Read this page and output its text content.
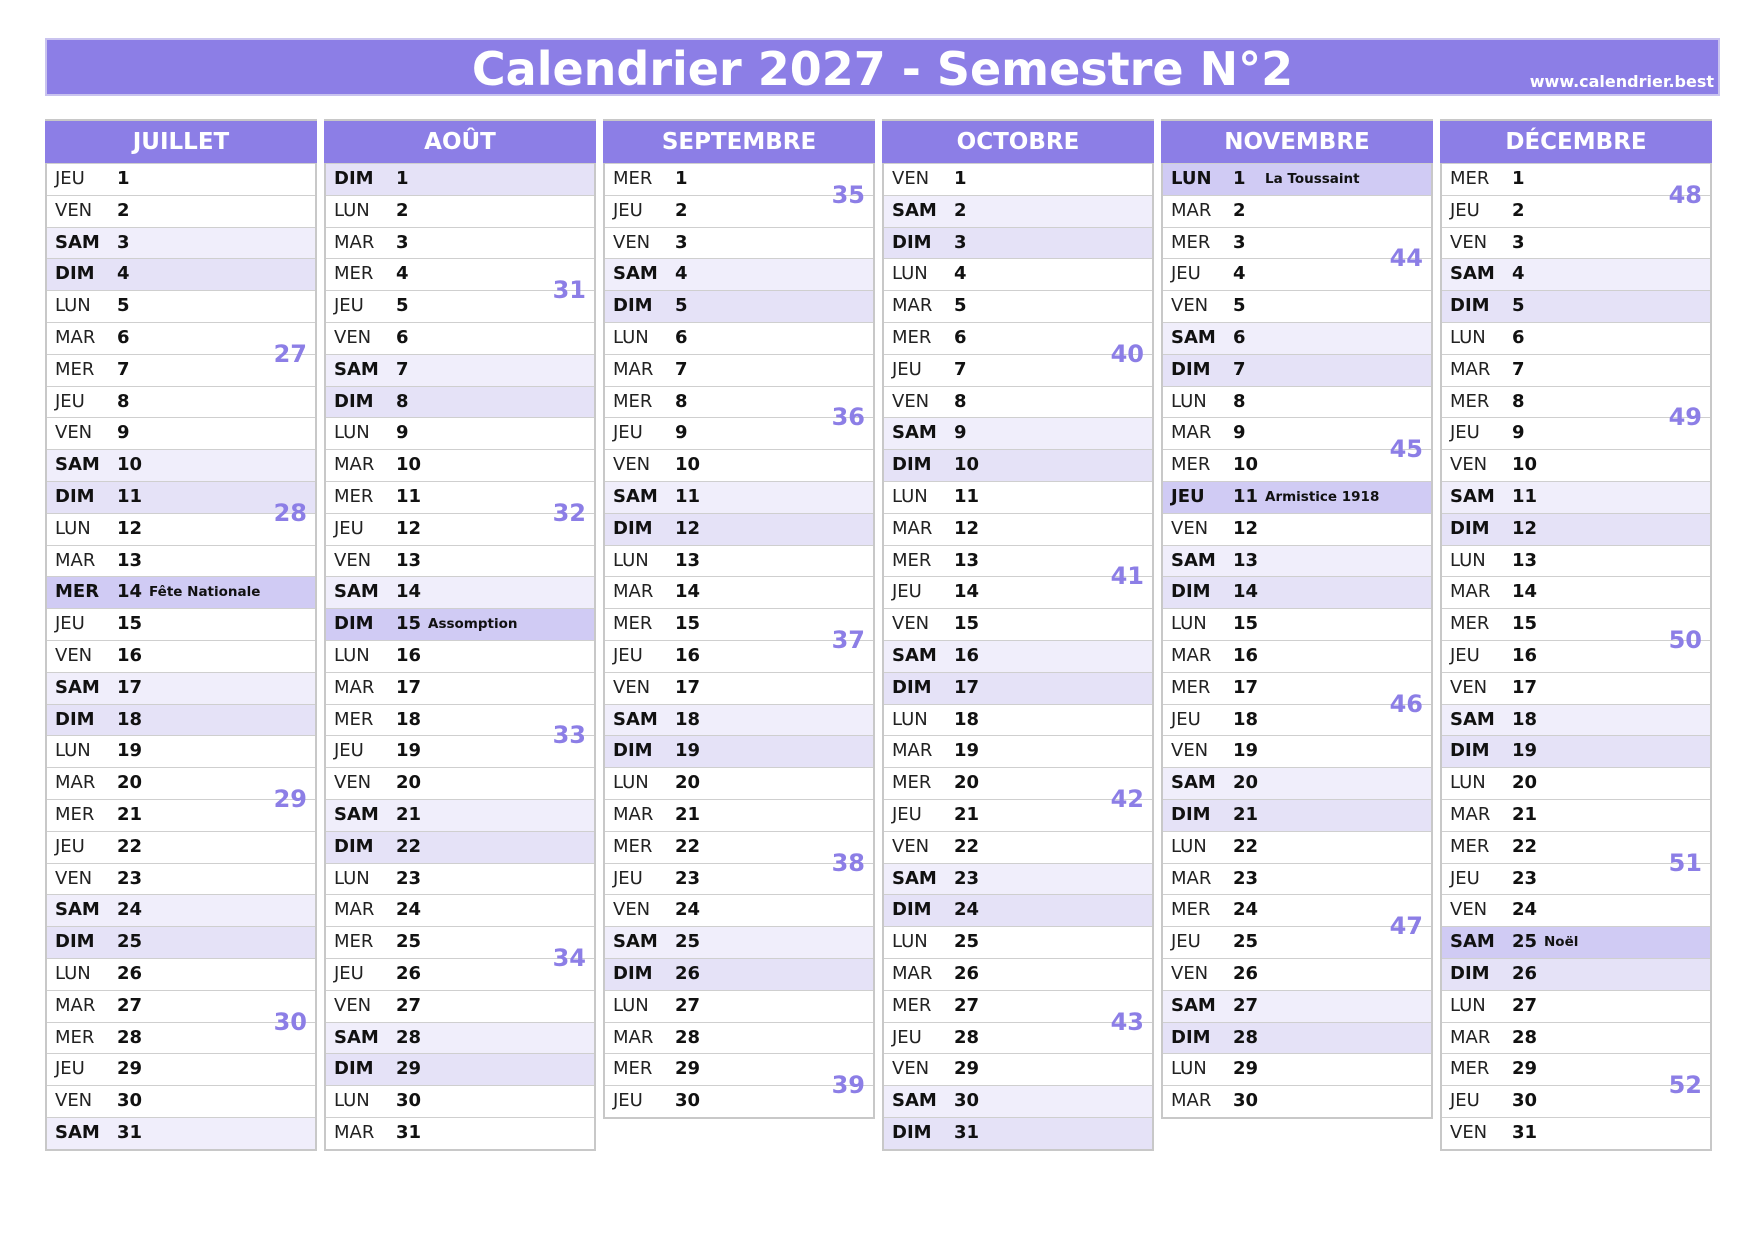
Calendrier 2027 - Semestre N°2	www.calendrier.best
JUILLET
JEU 1
VEN 2
SAM 3
DIM 4
LUN 5
MAR 6
MER 7
27
JEU 8
VEN 9
SAM 10
DIM 11
LUN 12
28
MAR 13
MER 14 Fête Nationale
JEU 15
VEN 16
SAM 17
DIM 18
LUN 19
MAR 20
MER 21
29
JEU 22
VEN 23
SAM 24
DIM 25
LUN 26
MAR 27
MER 28
30
JEU 29
VEN 30
SAM 31
AOÛT
DIM 1
LUN 2
MAR 3
MER 4
JEU 5
31
VEN 6
SAM 7
DIM 8
LUN 9
MAR 10
MER 11
JEU 12
32
VEN 13
SAM 14
DIM 15 Assomption
LUN 16
MAR 17
MER 18
JEU 19
33
VEN 20
SAM 21
DIM 22
LUN 23
MAR 24
MER 25
JEU 26
34
VEN 27
SAM 28
DIM 29
LUN 30
MAR 31
SEPTEMBRE
MER 1
JEU 2
35
VEN 3
SAM 4
DIM 5
LUN 6
MAR 7
MER 8
JEU 9
36
VEN 10
SAM 11
DIM 12
LUN 13
MAR 14
MER 15
JEU 16
37
VEN 17
SAM 18
DIM 19
LUN 20
MAR 21
MER 22
JEU 23
38
VEN 24
SAM 25
DIM 26
LUN 27
MAR 28
MER 29
JEU 30
39
OCTOBRE
VEN 1
SAM 2
DIM 3
LUN 4
MAR 5
MER 6
JEU 7
40
VEN 8
SAM 9
DIM 10
LUN 11
MAR 12
MER 13
JEU 14
41
VEN 15
SAM 16
DIM 17
LUN 18
MAR 19
MER 20
JEU 21
42
VEN 22
SAM 23
DIM 24
LUN 25
MAR 26
MER 27
JEU 28
43
VEN 29
SAM 30
DIM 31
NOVEMBRE
LUN 1 La Toussaint
MAR 2
MER 3
JEU 4
44
VEN 5
SAM 6
DIM 7
LUN 8
MAR 9
MER 10
45
JEU 11 Armistice 1918
VEN 12
SAM 13
DIM 14
LUN 15
MAR 16
MER 17
JEU 18
46
VEN 19
SAM 20
DIM 21
LUN 22
MAR 23
MER 24
JEU 25
47
VEN 26
SAM 27
DIM 28
LUN 29
MAR 30
DÉCEMBRE
MER 1
JEU 2
48
VEN 3
SAM 4
DIM 5
LUN 6
MAR 7
MER 8
JEU 9
49
VEN 10
SAM 11
DIM 12
LUN 13
MAR 14
MER 15
JEU 16
50
VEN 17
SAM 18
DIM 19
LUN 20
MAR 21
MER 22
JEU 23
51
VEN 24
SAM 25 Noël
DIM 26
LUN 27
MAR 28
MER 29
JEU 30
52
VEN 31
